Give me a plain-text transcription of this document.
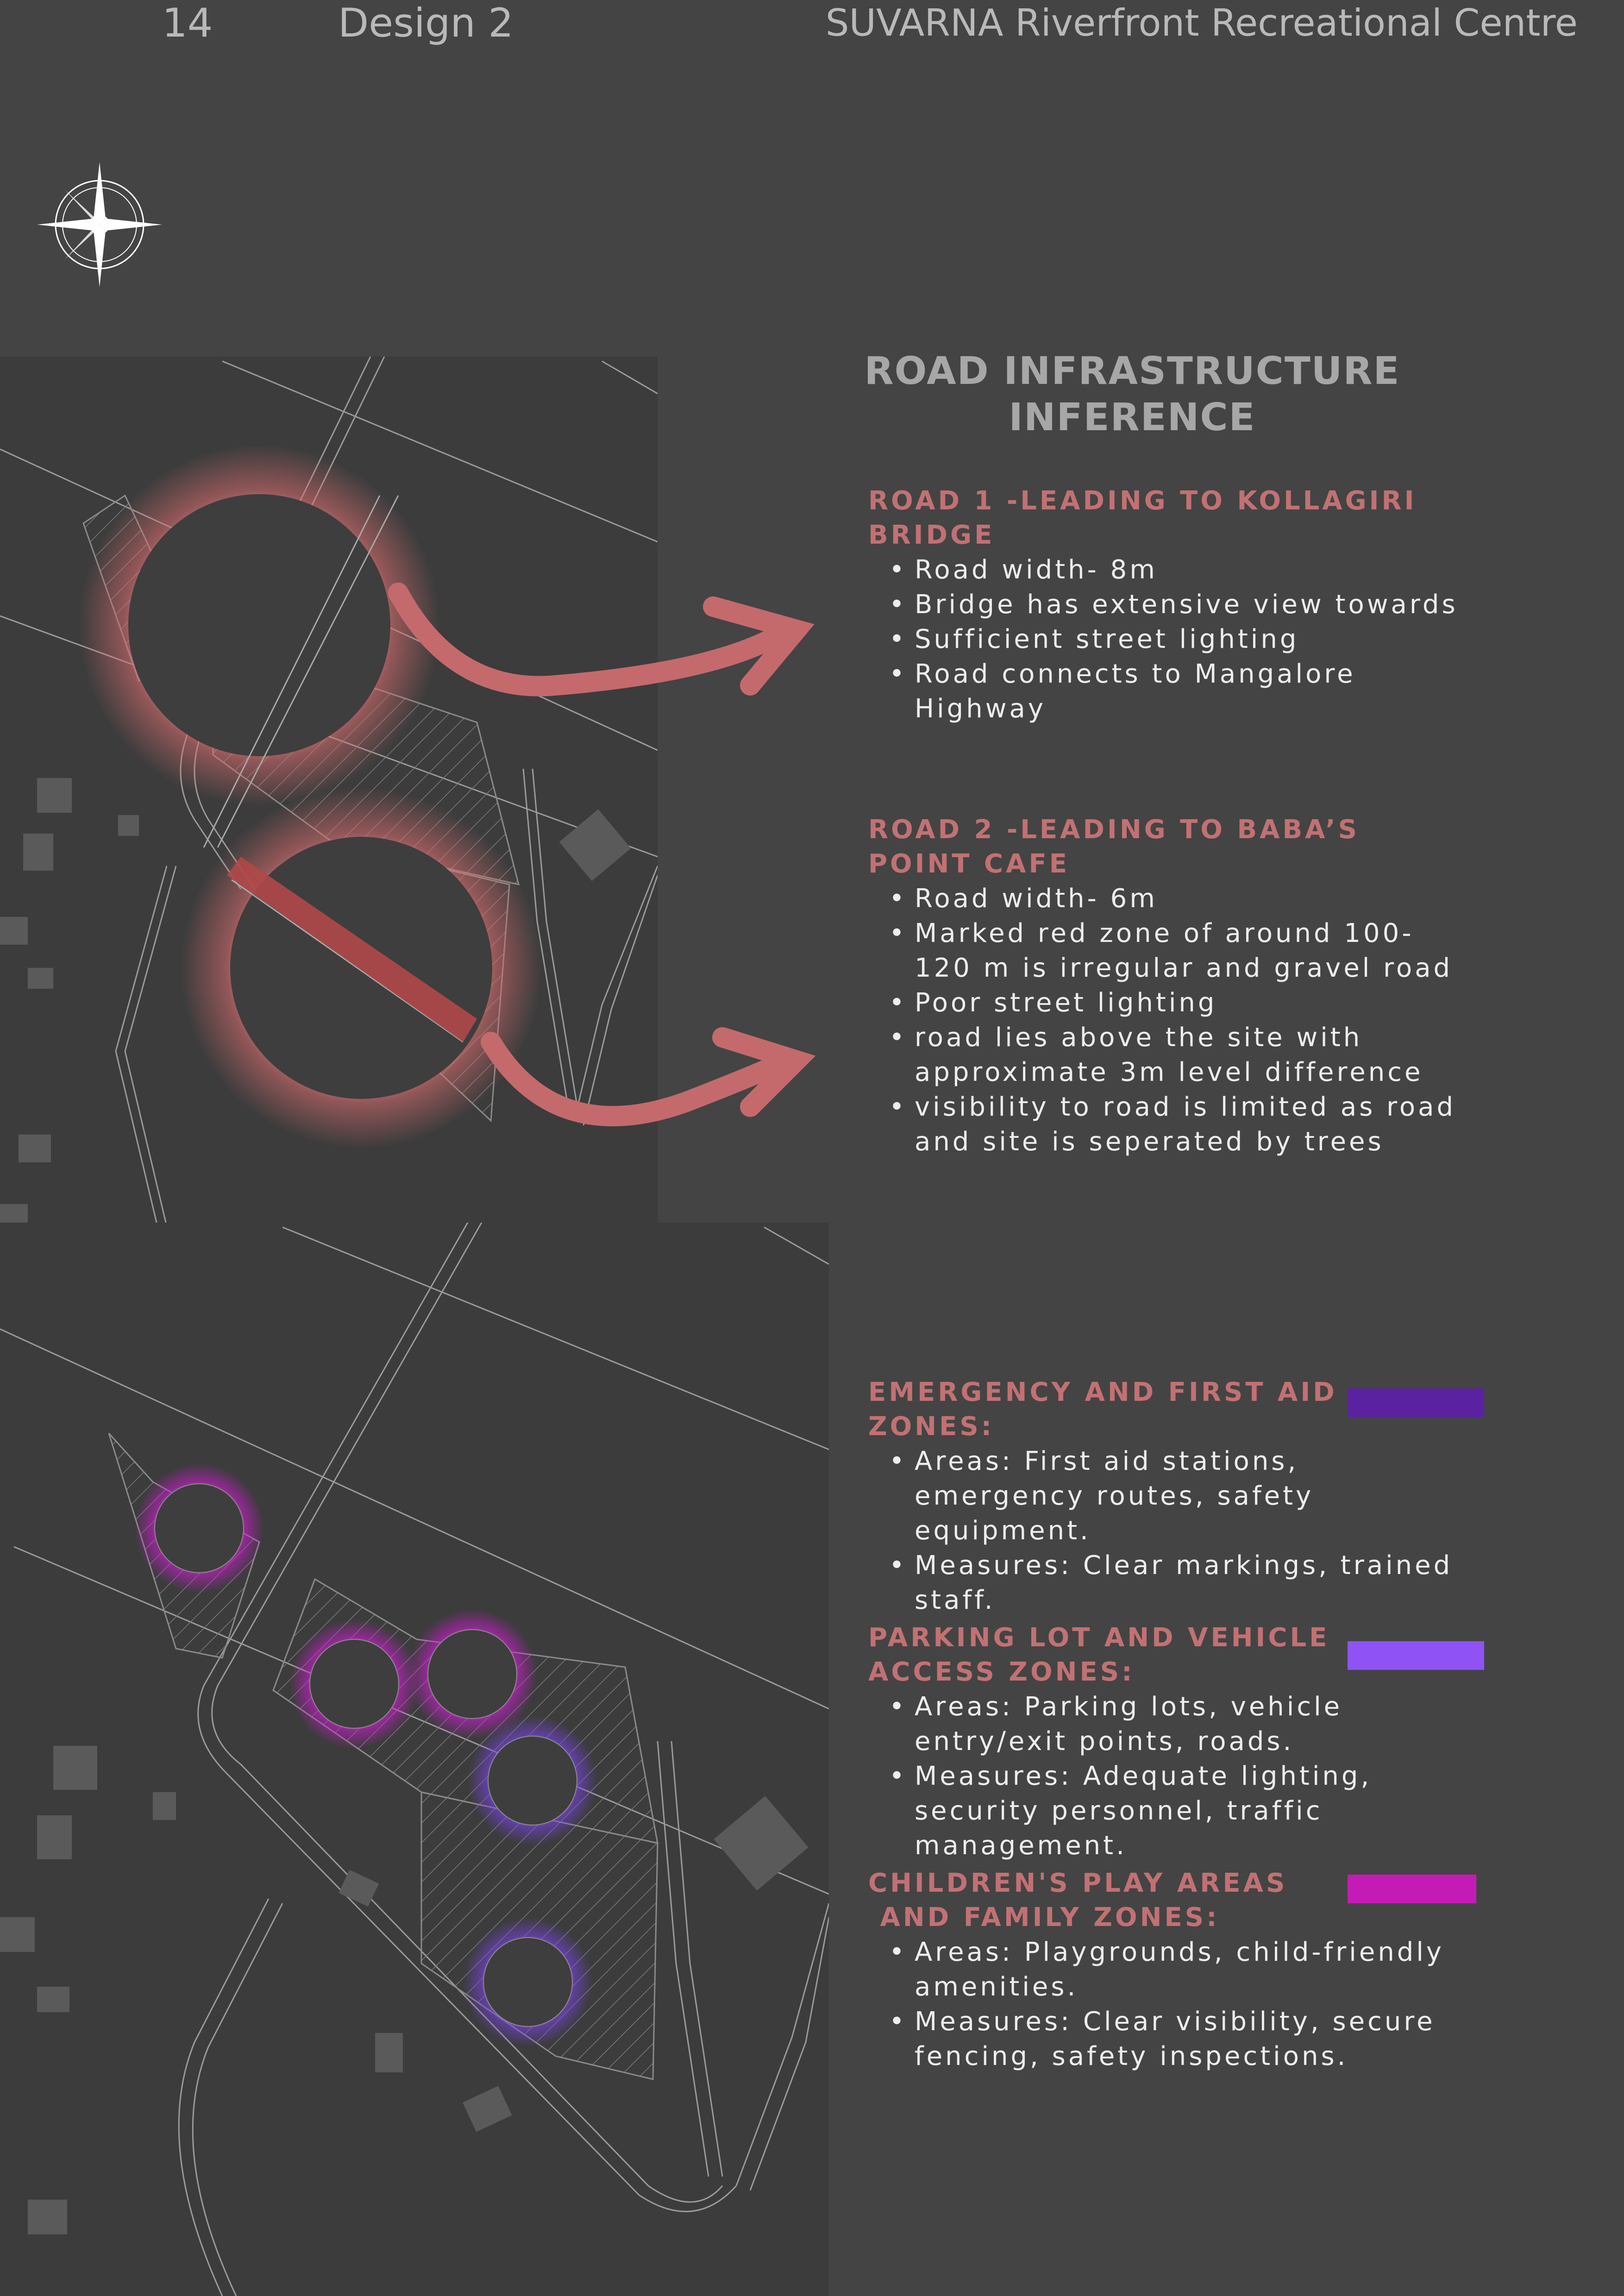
14	Design 2	SUVARNA Riverfront Recreational Centre
ROAD INFRASTRUCTURE
INFERENCE
ROAD 1 -LEADING TO KOLLAGIRI
BRIDGE
• Road width- 8m
• Bridge has extensive view towards
• Sufficient street lighting
• Road connects to Mangalore Highway
ROAD 2 -LEADING TO BABA’S
POINT CAFE
• Road width- 6m
• Marked red zone of around 100-120 m is irregular and gravel road
• Poor street lighting
• road lies above the site with approximate 3m level difference
• visibility to road is limited as road and site is seperated by trees
EMERGENCY AND FIRST AID
ZONES:
• Areas: First aid stations, emergency routes, safety equipment.
• Measures: Clear markings, trained staff.
PARKING LOT AND VEHICLE
ACCESS ZONES:
• Areas: Parking lots, vehicle entry/exit points, roads.
• Measures: Adequate lighting, security personnel, traffic management.
CHILDREN'S PLAY AREAS
AND FAMILY ZONES:
• Areas: Playgrounds, child-friendly amenities.
• Measures: Clear visibility, secure fencing, safety inspections.
